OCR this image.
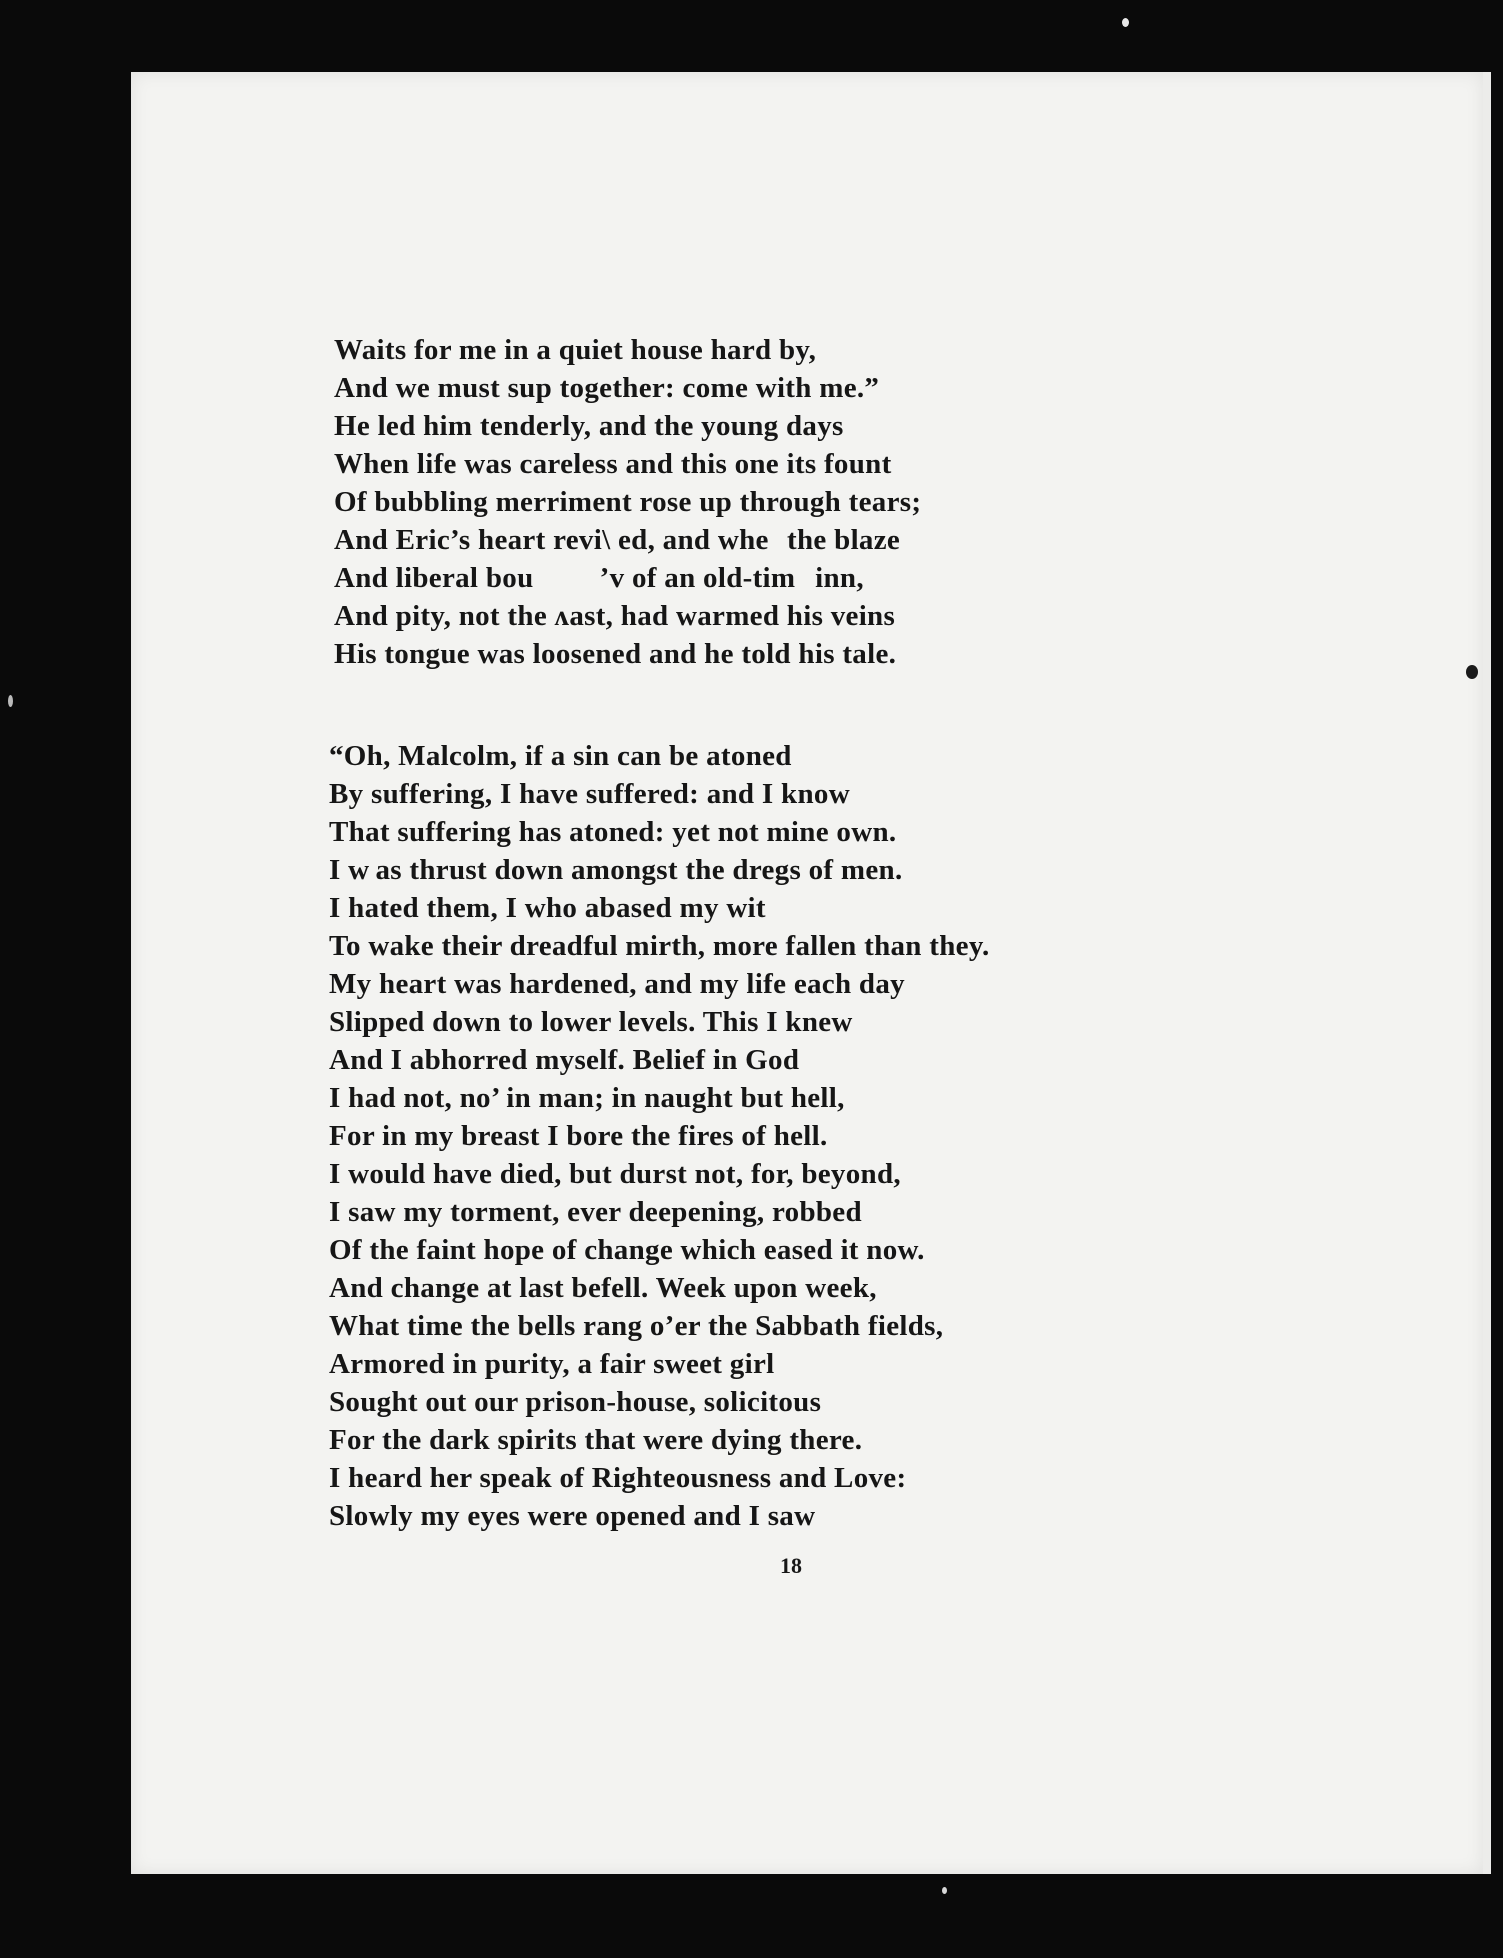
Waits for me in a quiet house hard by,
And we must sup together: come with me.”
He led him tenderly, and the young days
When life was careless and this one its fount
Of bubbling merriment rose up through tears;
And Eric’s heart revi\ ed, and whe   the blaze
And liberal bou   ’v of an old-tim   inn,
And pity, not the ʌast, had warmed his veins
His tongue was loosened and he told his tale.
“Oh, Malcolm, if a sin can be atoned
By suffering, I have suffered: and I know
That suffering has atoned: yet not mine own.
I w as thrust down amongst the dregs of men.
I hated them, I who abased my wit
To wake their dreadful mirth, more fallen than they.
My heart was hardened, and my life each day
Slipped down to lower levels. This I knew
And I abhorred myself. Belief in God
I had not, no’ in man; in naught but hell,
For in my breast I bore the fires of hell.
I would have died, but durst not, for, beyond,
I saw my torment, ever deepening, robbed
Of the faint hope of change which eased it now.
And change at last befell. Week upon week,
What time the bells rang o’er the Sabbath fields,
Armored in purity, a fair sweet girl
Sought out our prison-house, solicitous
For the dark spirits that were dying there.
I heard her speak of Righteousness and Love:
Slowly my eyes were opened and I saw
18
